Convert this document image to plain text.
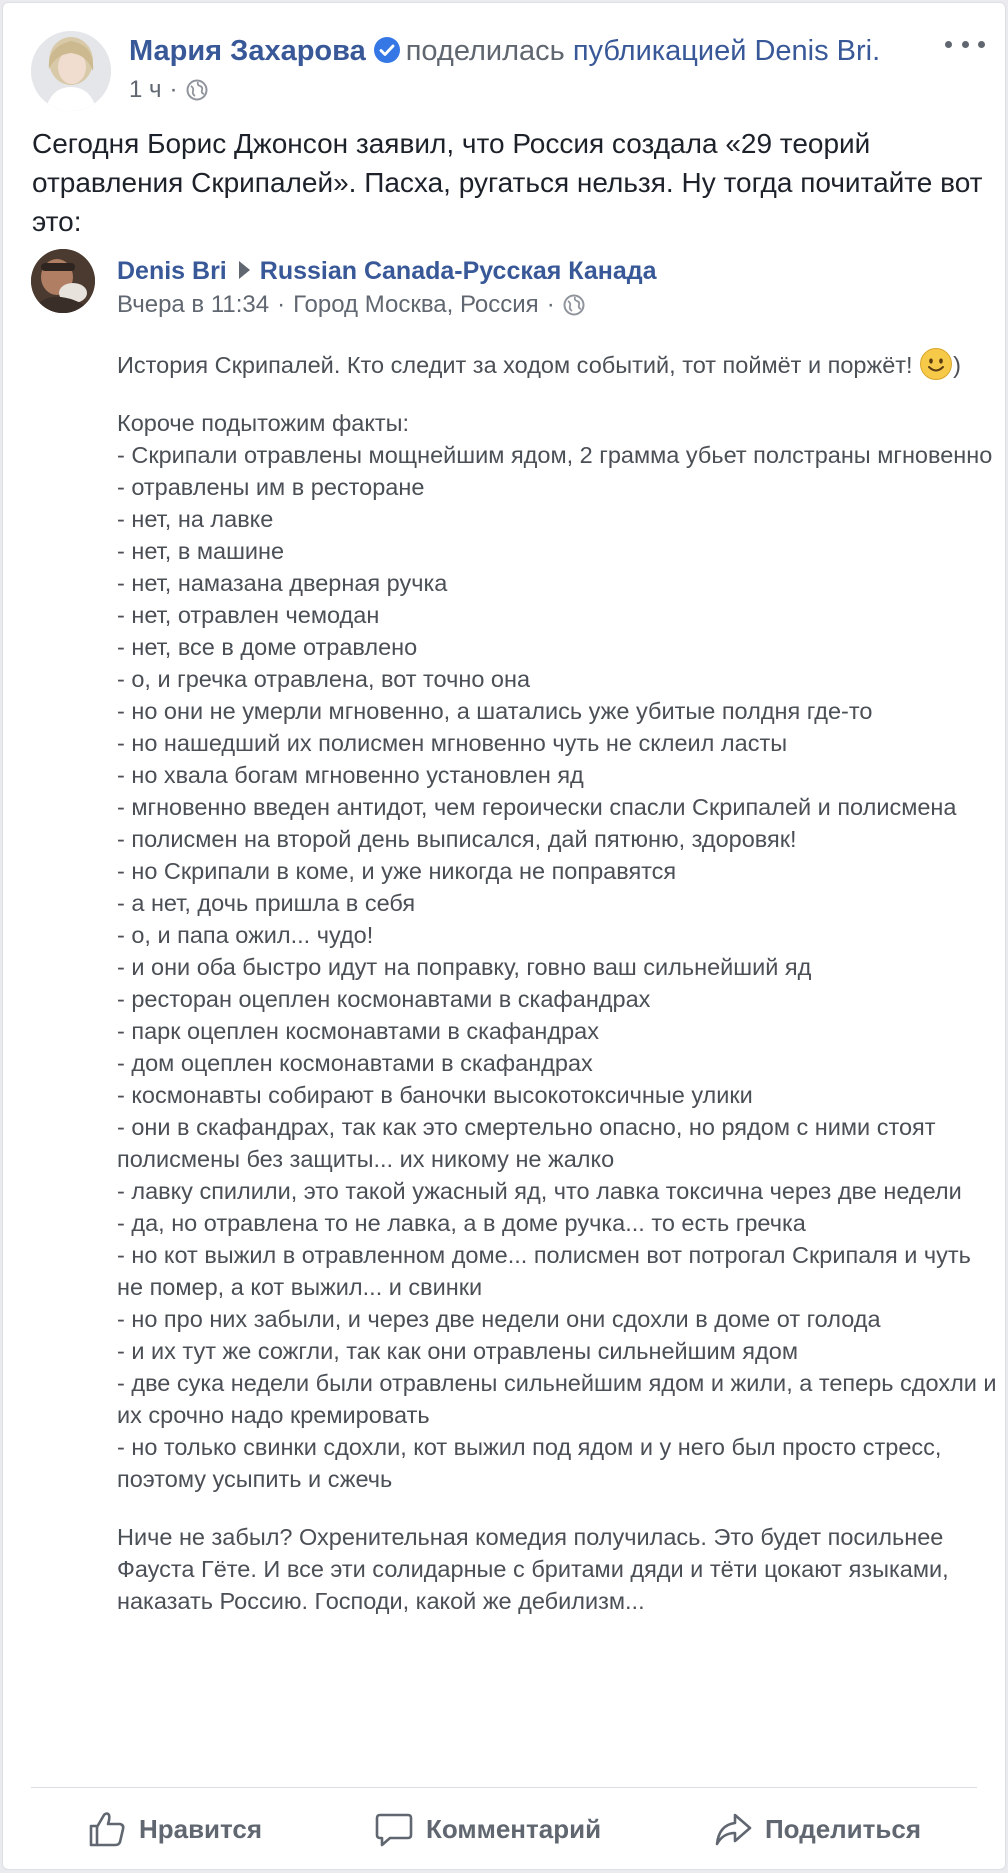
Мария Захарова поделилась публикацией Denis Bri.
1 ч ·
Сегодня Борис Джонсон заявил, что Россия создала «29 теорий отравления Скрипалей». Пасха, ругаться нельзя. Ну тогда почитайте вот это:
Denis Bri Russian Canada-Русская Канада
Вчера в 11:34 · Город Москва, Россия ·

История Скрипалей. Кто следит за ходом событий, тот поймёт и поржёт! )

Короче подытожим факты:

- Скрипали отравлены мощнейшим ядом, 2 грамма убьет полстраны мгновенно

- отравлены им в ресторане

- нет, на лавке

- нет, в машине

- нет, намазана дверная ручка

- нет, отравлен чемодан

- нет, все в доме отравлено

- о, и гречка отравлена, вот точно она

- но они не умерли мгновенно, а шатались уже убитые полдня где-то

- но нашедший их полисмен мгновенно чуть не склеил ласты

- но хвала богам мгновенно установлен яд

- мгновенно введен антидот, чем героически спасли Скрипалей и полисмена

- полисмен на второй день выписался, дай пятюню, здоровяк!

- но Скрипали в коме, и уже никогда не поправятся

- а нет, дочь пришла в себя

- о, и папа ожил... чудо!

- и они оба быстро идут на поправку, говно ваш сильнейший яд

- ресторан оцеплен космонавтами в скафандрах

- парк оцеплен космонавтами в скафандрах

- дом оцеплен космонавтами в скафандрах

- космонавты собирают в баночки высокотоксичные улики

- они в скафандрах, так как это смертельно опасно, но рядом с ними стоят полисмены без защиты... их никому не жалко

- лавку спилили, это такой ужасный яд, что лавка токсична через две недели

- да, но отравлена то не лавка, а в доме ручка... то есть гречка

- но кот выжил в отравленном доме... полисмен вот потрогал Скрипаля и чуть не помер, а кот выжил... и свинки

- но про них забыли, и через две недели они сдохли в доме от голода

- и их тут же сожгли, так как они отравлены сильнейшим ядом

- две сука недели были отравлены сильнейшим ядом и жили, а теперь сдохли и их срочно надо кремировать

- но только свинки сдохли, кот выжил под ядом и у него был просто стресс, поэтому усыпить и сжечь

Ниче не забыл? Охренительная комедия получилась. Это будет посильнее Фауста Гёте. И все эти солидарные с бритами дяди и тёти цокают языками, наказать Россию. Господи, какой же дебилизм...

Нравится	Комментарий	Поделиться
